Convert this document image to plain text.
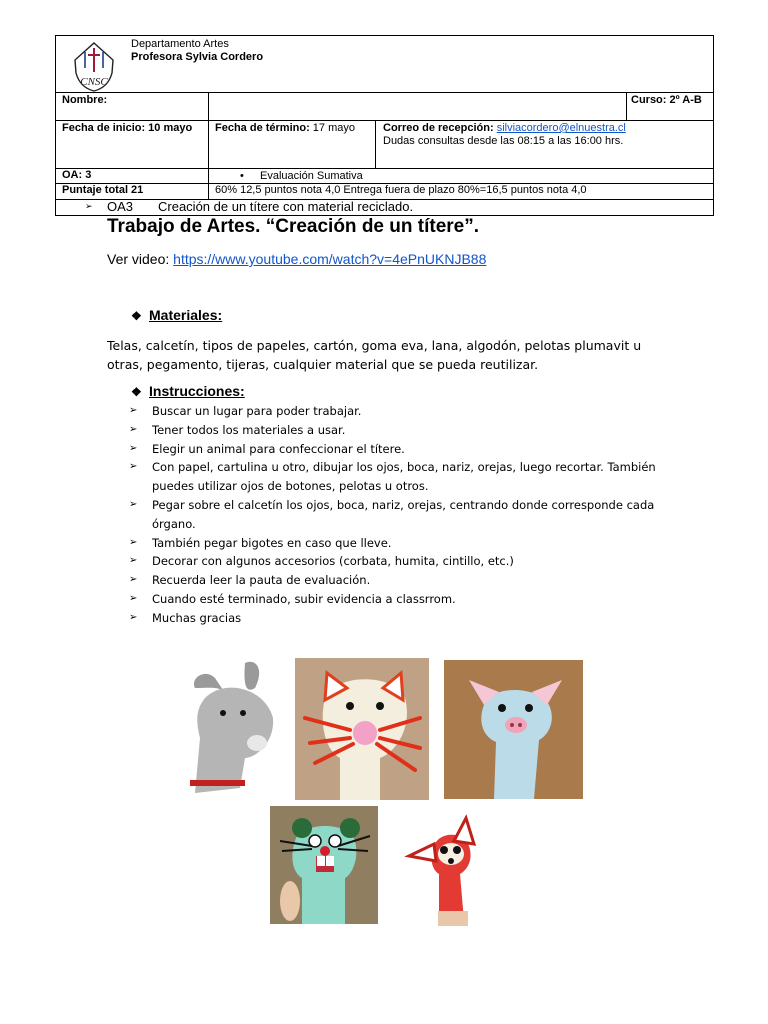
CNSC
Departamento Artes
Profesora Sylvia Cordero
Nombre:	Curso: 2º A-B
Fecha de inicio: 10 mayo Fecha de término: 17 mayo	Correo de recepción: silviacordero@elnuestra.cl
Dudas consultas desde las 08:15 a las 16:00 hrs.
OA: 3	• Evaluación Sumativa
Puntaje total 21	60% 12,5 puntos nota 4,0 Entrega fuera de plazo 80%=16,5 puntos nota 4,0
➢ OA3 Creación de un títere con material reciclado.
Trabajo de Artes. “Creación de un títere”.
Ver video: https://www.youtube.com/watch?v=4ePnUKNJB88
❖ Materiales:
Telas, calcetín, tipos de papeles, cartón, goma eva, lana, algodón, pelotas plumavit u otras, pegamento, tijeras, cualquier material que se pueda reutilizar.
❖ Instrucciones:
➢ Buscar un lugar para poder trabajar.
➢ Tener todos los materiales a usar.
➢ Elegir un animal para confeccionar el títere.
➢ Con papel, cartulina u otro, dibujar los ojos, boca, nariz, orejas, luego recortar. También puedes utilizar ojos de botones, pelotas u otros.
➢ Pegar sobre el calcetín los ojos, boca, nariz, orejas, centrando donde corresponde cada órgano.
➢ También pegar bigotes en caso que lleve.
➢ Decorar con algunos accesorios (corbata, humita, cintillo, etc.)
➢ Recuerda leer la pauta de evaluación.
➢ Cuando esté terminado, subir evidencia a classrrom.
➢ Muchas gracias
